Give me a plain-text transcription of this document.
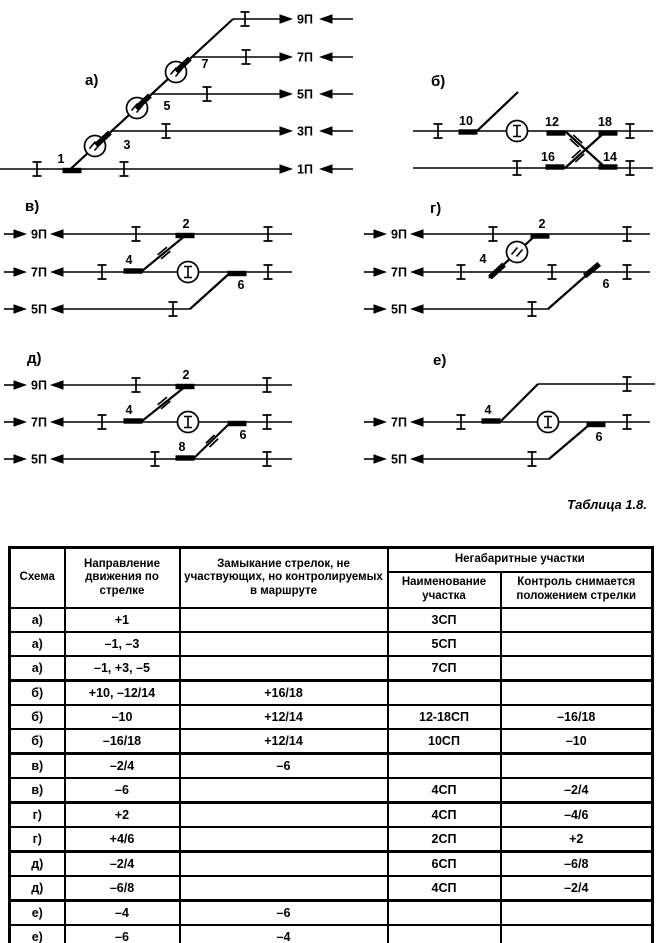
а)
9П
7П
5П
3П
1П
1
3
5
7
б)
10	12	18
16	14
в)
9П
7П
5П
2
4
6
г)
9П
7П
5П
2
4
6
д)
9П
7П
5П
2
4
6
8
е)
7П
5П
4
6
Таблица 1.8.
Схема	Направление движения по стрелке	Замыкание стрелок, не участвующих, но контролируемых в маршруте	Негабаритные участки	
			Наименование участка	Контроль снимается положением стрелки
а)	+1		3СП	
а)	–1, –3		5СП	
а)	–1, +3, –5		7СП	
б)	+10, –12/14	+16/18		
б)	–10	+12/14	12-18СП	–16/18
б)	–16/18	+12/14	10СП	–10
в)	–2/4	–6		
в)	–6		4СП	–2/4
г)	+2		4СП	–4/6
г)	+4/6		2СП	+2
д)	–2/4		6СП	–6/8
д)	–6/8		4СП	–2/4
е)	–4	–6		
е)	–6	–4		
